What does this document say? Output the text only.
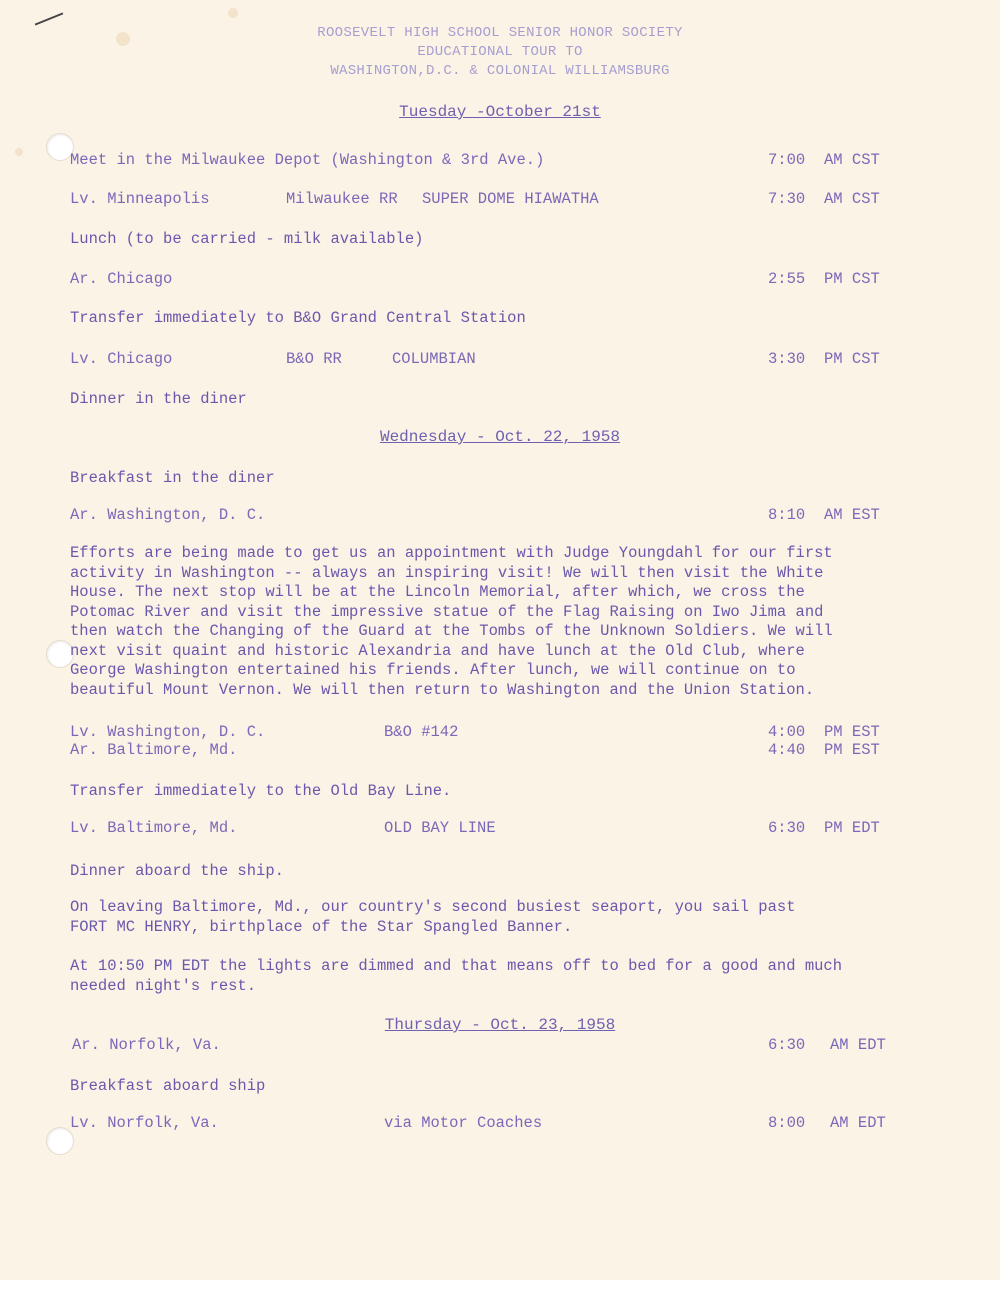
ROOSEVELT HIGH SCHOOL SENIOR HONOR SOCIETY
EDUCATIONAL TOUR TO
WASHINGTON,D.C. & COLONIAL WILLIAMSBURG
Tuesday -October 21st
Meet in the Milwaukee Depot (Washington & 3rd Ave.)	7:00 AM CST
Lv. Minneapolis	Milwaukee RR SUPER DOME HIAWATHA	7:30 AM CST
Lunch (to be carried - milk available)
Ar. Chicago	2:55 PM CST
Transfer immediately to B&O Grand Central Station
Lv. Chicago	B&O RR	COLUMBIAN	3:30 PM CST
Dinner in the diner
Wednesday - Oct. 22, 1958
Breakfast in the diner
Ar. Washington, D. C.	8:10 AM EST
Efforts are being made to get us an appointment with Judge Youngdahl for our first
activity in Washington -- always an inspiring visit! We will then visit the White
House. The next stop will be at the Lincoln Memorial, after which, we cross the
Potomac River and visit the impressive statue of the Flag Raising on Iwo Jima and
then watch the Changing of the Guard at the Tombs of the Unknown Soldiers. We will
next visit quaint and historic Alexandria and have lunch at the Old Club, where
George Washington entertained his friends. After lunch, we will continue on to
beautiful Mount Vernon. We will then return to Washington and the Union Station.
Lv. Washington, D. C.	B&O #142	4:00 PM EST
Ar. Baltimore, Md.	4:40 PM EST
Transfer immediately to the Old Bay Line.
Lv. Baltimore, Md.	OLD BAY LINE	6:30 PM EDT
Dinner aboard the ship.
On leaving Baltimore, Md., our country's second busiest seaport, you sail past
FORT MC HENRY, birthplace of the Star Spangled Banner.
At 10:50 PM EDT the lights are dimmed and that means off to bed for a good and much
needed night's rest.
Thursday - Oct. 23, 1958
Ar. Norfolk, Va.	6:30 AM EDT
Breakfast aboard ship
Lv. Norfolk, Va.	via Motor Coaches	8:00 AM EDT
